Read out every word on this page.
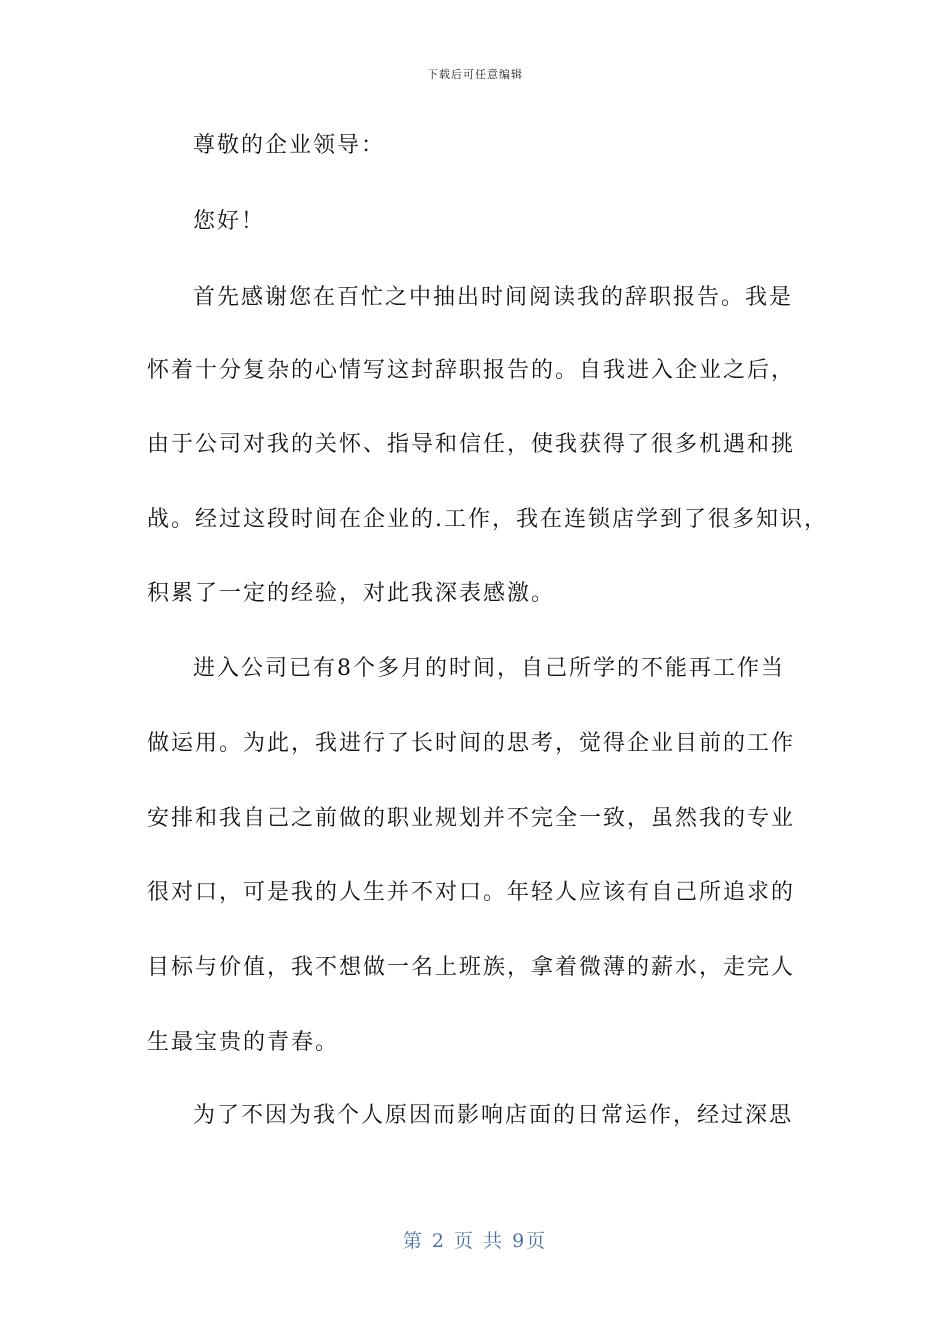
下载后可任意编辑
尊敬的企业领导：
您好！
首先感谢您在百忙之中抽出时间阅读我的辞职报告。我是
怀着十分复杂的心情写这封辞职报告的。自我进入企业之后，
由于公司对我的关怀、指导和信任，使我获得了很多机遇和挑
战。经过这段时间在企业的.工作，我在连锁店学到了很多知识，
积累了一定的经验，对此我深表感激。
进入公司已有8个多月的时间，自己所学的不能再工作当
做运用。为此，我进行了长时间的思考，觉得企业目前的工作
安排和我自己之前做的职业规划并不完全一致，虽然我的专业
很对口，可是我的人生并不对口。年轻人应该有自己所追求的
目标与价值，我不想做一名上班族，拿着微薄的薪水，走完人
生最宝贵的青春。
为了不因为我个人原因而影响店面的日常运作，经过深思
第 2 页 共 9页
